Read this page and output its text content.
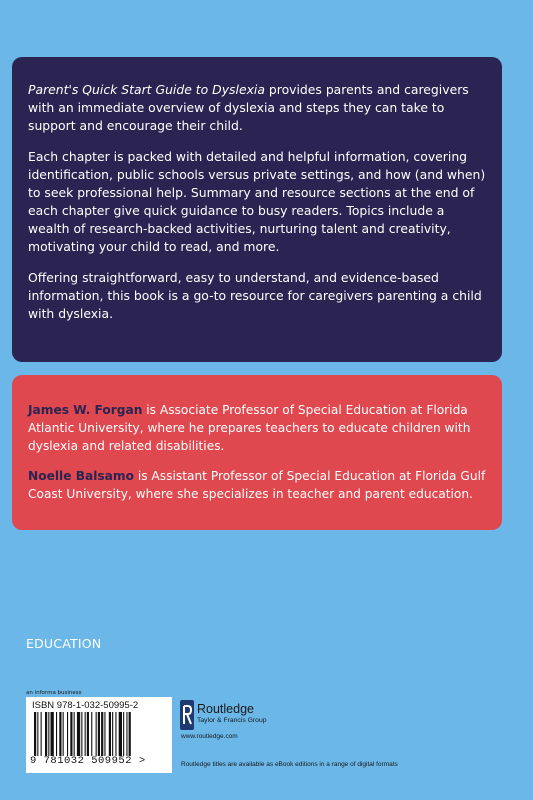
Parent's Quick Start Guide to Dyslexia provides parents and caregivers with an immediate overview of dyslexia and steps they can take to support and encourage their child.

Each chapter is packed with detailed and helpful information, covering identification, public schools versus private settings, and how (and when) to seek professional help. Summary and resource sections at the end of each chapter give quick guidance to busy readers. Topics include a wealth of research-backed activities, nurturing talent and creativity, motivating your child to read, and more.

Offering straightforward, easy to understand, and evidence-based information, this book is a go-to resource for caregivers parenting a child with dyslexia.

James W. Forgan is Associate Professor of Special Education at Florida Atlantic University, where he prepares teachers to educate children with dyslexia and related disabilities.

Noelle Balsamo is Assistant Professor of Special Education at Florida Gulf Coast University, where she specializes in teacher and parent education.

EDUCATION
an informa business
ISBN 978-1-032-50995-2
9 781032 509952 >
Routledge
Taylor & Francis Group
www.routledge.com
Routledge titles are available as eBook editions in a range of digital formats
